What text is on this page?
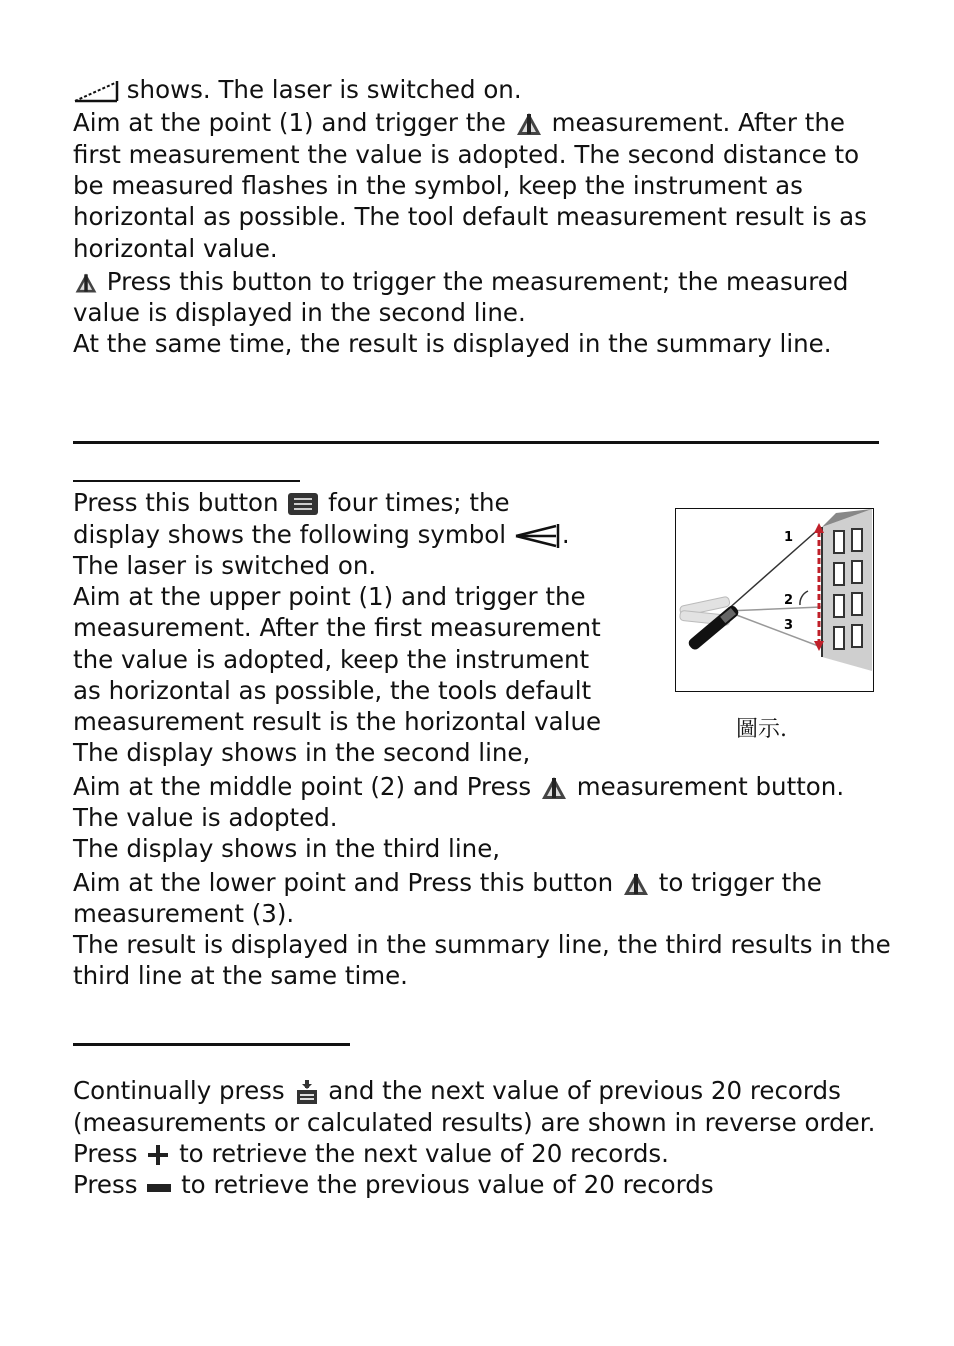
shows. The laser is switched on.
Aim at the point (1) and trigger the measurement. After the
first measurement the value is adopted. The second distance to
be measured flashes in the symbol, keep the instrument as
horizontal as possible. The tool default measurement result is as
horizontal value.
Press this button to trigger the measurement; the measured
value is displayed in the second line.
At the same time, the result is displayed in the summary line.
Press this button four times; the
display shows the following symbol .
The laser is switched on.
Aim at the upper point (1) and trigger the
measurement. After the first measurement
the value is adopted, keep the instrument
as horizontal as possible, the tools default
measurement result is the horizontal value
The display shows in the second line,
Aim at the middle point (2) and Press measurement button.
The value is adopted.
The display shows in the third line,
Aim at the lower point and Press this button to trigger the
measurement (3).
The result is displayed in the summary line, the third results in the
third line at the same time.
1
2
3
圖示.
Continually press and the next value of previous 20 records
(measurements or calculated results) are shown in reverse order.
Press to retrieve the next value of 20 records.
Press to retrieve the previous value of 20 records
